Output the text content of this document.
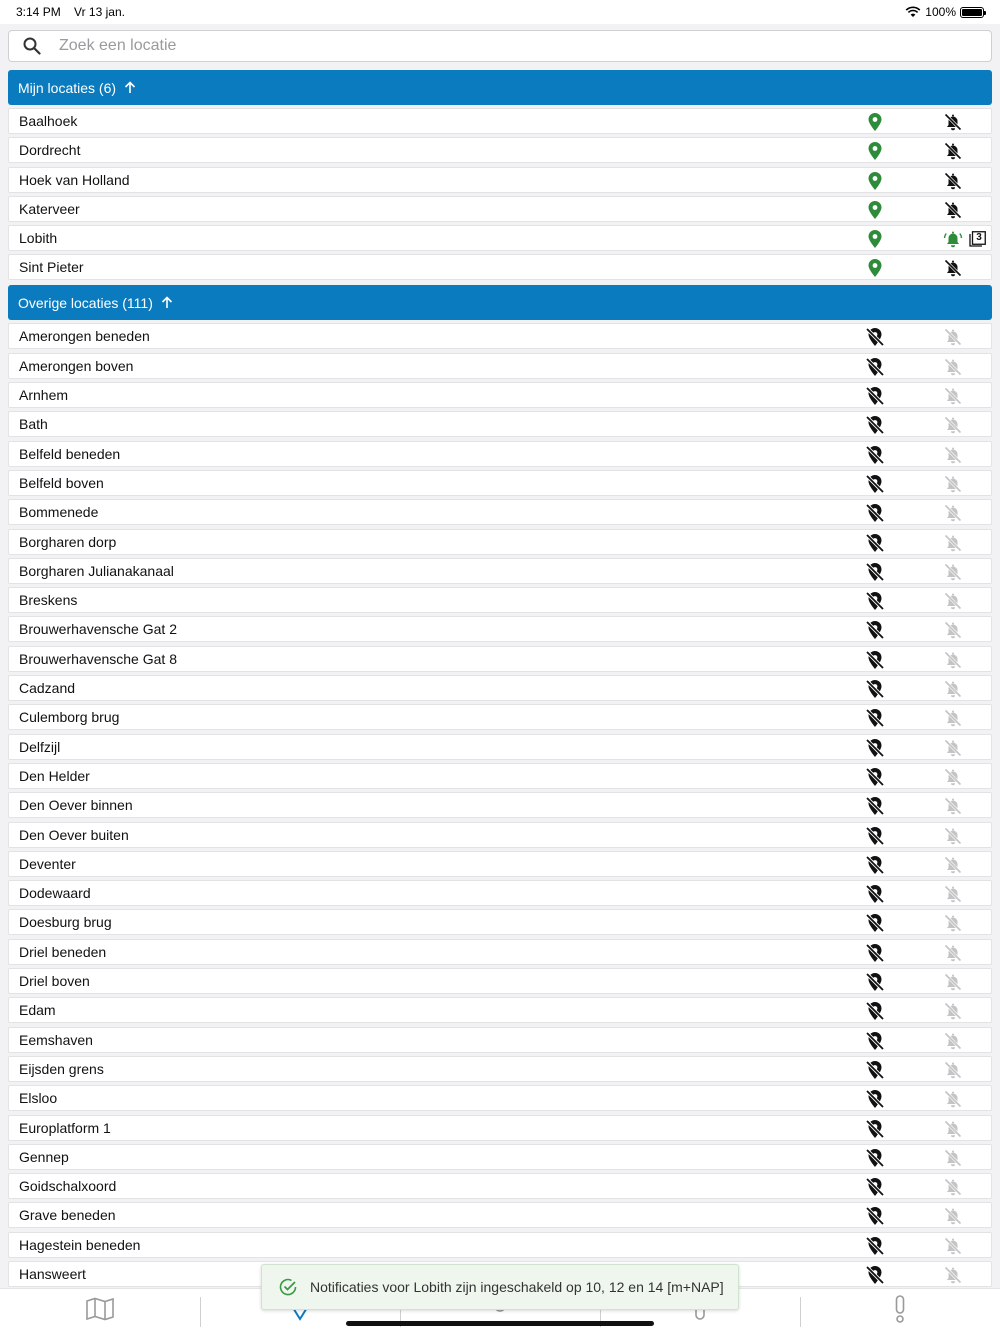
3:14 PM Vr 13 jan.	100%
Zoek een locatie
Mijn locaties (6)
Baalhoek
Dordrecht
Hoek van Holland
Katerveer
Lobith	3
Sint Pieter
Overige locaties (111)
Amerongen beneden
Amerongen boven
Arnhem
Bath
Belfeld beneden
Belfeld boven
Bommenede
Borgharen dorp
Borgharen Julianakanaal
Breskens
Brouwerhavensche Gat 2
Brouwerhavensche Gat 8
Cadzand
Culemborg brug
Delfzijl
Den Helder
Den Oever binnen
Den Oever buiten
Deventer
Dodewaard
Doesburg brug
Driel beneden
Driel boven
Edam
Eemshaven
Eijsden grens
Elsloo
Europlatform 1
Gennep
Goidschalxoord
Grave beneden
Hagestein beneden
Hansweert
Notificaties voor Lobith zijn ingeschakeld op 10, 12 en 14 [m+NAP]
